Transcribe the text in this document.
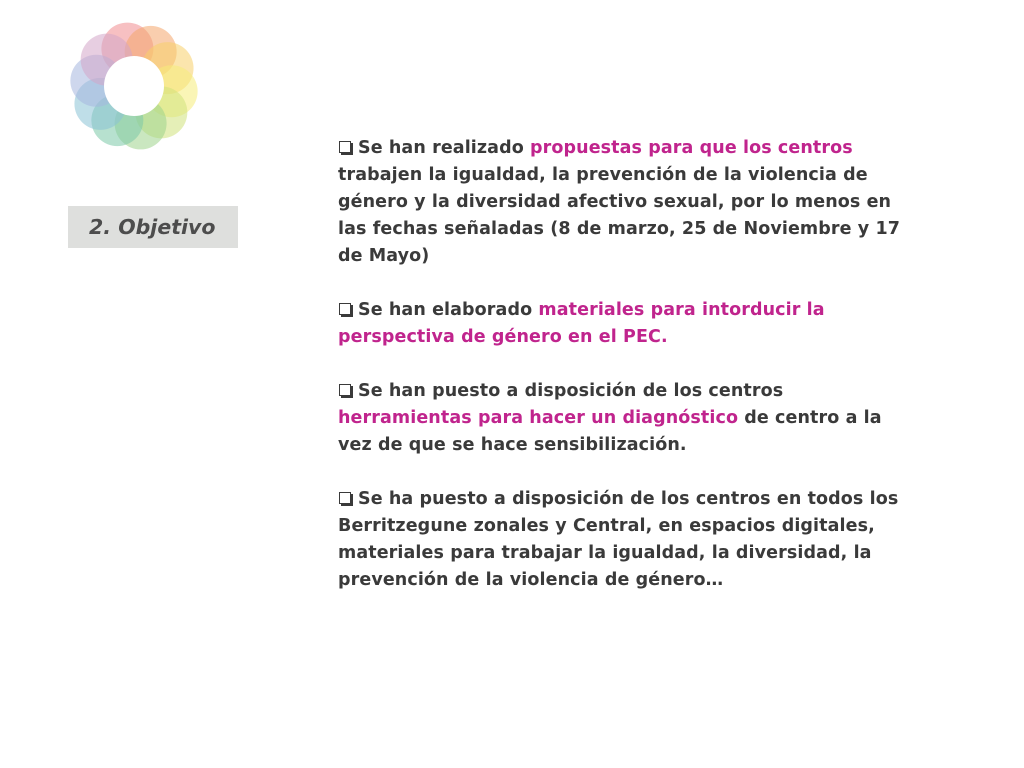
2. Objetivo
Se han realizado propuestas para que los centros
trabajen la igualdad, la prevención de la violencia de
género y la diversidad afectivo sexual, por lo menos en
las fechas señaladas (8 de marzo, 25 de Noviembre y 17
de Mayo)
Se han elaborado materiales para intorducir la
perspectiva de género en el PEC.
Se han puesto a disposición de los centros
herramientas para hacer un diagnóstico de centro a la
vez de que se hace sensibilización.
Se ha puesto a disposición de los centros en todos los
Berritzegune zonales y Central, en espacios digitales,
materiales para trabajar la igualdad, la diversidad, la
prevención de la violencia de género…
